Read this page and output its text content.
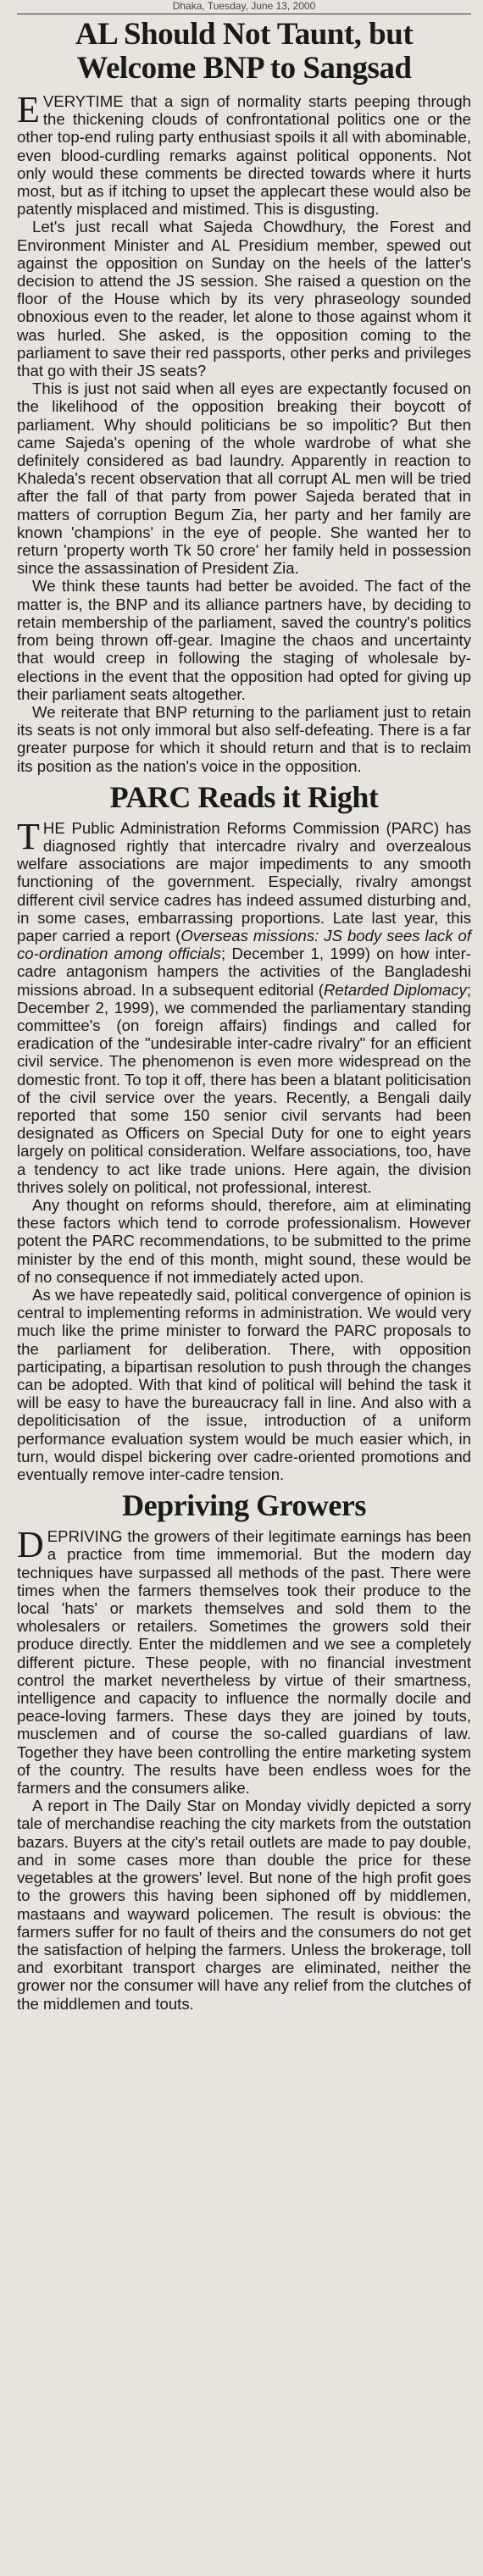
Dhaka, Tuesday, June 13, 2000
AL Should Not Taunt, but Welcome BNP to Sangsad

EVERYTIME that a sign of normality starts peeping through the thickening clouds of confrontational politics one or the other top-end ruling party enthusiast spoils it all with abominable, even blood-curdling remarks against political opponents. Not only would these comments be directed towards where it hurts most, but as if itching to upset the applecart these would also be patently misplaced and mistimed. This is disgusting.

Let's just recall what Sajeda Chowdhury, the Forest and Environment Minister and AL Presidium member, spewed out against the opposition on Sunday on the heels of the latter's decision to attend the JS session. She raised a question on the floor of the House which by its very phraseology sounded obnoxious even to the reader, let alone to those against whom it was hurled. She asked, is the opposition coming to the parliament to save their red passports, other perks and privileges that go with their JS seats?

This is just not said when all eyes are expectantly focused on the likelihood of the opposition breaking their boycott of parliament. Why should politicians be so impolitic? But then came Sajeda's opening of the whole wardrobe of what she definitely considered as bad laundry. Apparently in reaction to Khaleda's recent observation that all corrupt AL men will be tried after the fall of that party from power Sajeda berated that in matters of corruption Begum Zia, her party and her family are known 'champions' in the eye of people. She wanted her to return 'property worth Tk 50 crore' her family held in possession since the assassination of President Zia.

We think these taunts had better be avoided. The fact of the matter is, the BNP and its alliance partners have, by deciding to retain membership of the parliament, saved the country's politics from being thrown off-gear. Imagine the chaos and uncertainty that would creep in following the staging of wholesale by-elections in the event that the opposition had opted for giving up their parliament seats altogether.

We reiterate that BNP returning to the parliament just to retain its seats is not only immoral but also self-defeating. There is a far greater purpose for which it should return and that is to reclaim its position as the nation's voice in the opposition.

PARC Reads it Right

THE Public Administration Reforms Commission (PARC) has diagnosed rightly that intercadre rivalry and overzealous welfare associations are major impediments to any smooth functioning of the government. Especially, rivalry amongst different civil service cadres has indeed assumed disturbing and, in some cases, embarrassing proportions. Late last year, this paper carried a report (Overseas missions: JS body sees lack of co-ordination among officials; December 1, 1999) on how inter-cadre antagonism hampers the activities of the Bangladeshi missions abroad. In a subsequent editorial (Retarded Diplomacy; December 2, 1999), we commended the parliamentary standing committee's (on foreign affairs) findings and called for eradication of the "undesirable inter-cadre rivalry" for an efficient civil service. The phenomenon is even more widespread on the domestic front. To top it off, there has been a blatant politicisation of the civil service over the years. Recently, a Bengali daily reported that some 150 senior civil servants had been designated as Officers on Special Duty for one to eight years largely on political consideration. Welfare associations, too, have a tendency to act like trade unions. Here again, the division thrives solely on political, not professional, interest.

Any thought on reforms should, therefore, aim at eliminating these factors which tend to corrode professionalism. However potent the PARC recommendations, to be submitted to the prime minister by the end of this month, might sound, these would be of no consequence if not immediately acted upon.

As we have repeatedly said, political convergence of opinion is central to implementing reforms in administration. We would very much like the prime minister to forward the PARC proposals to the parliament for deliberation. There, with opposition participating, a bipartisan resolution to push through the changes can be adopted. With that kind of political will behind the task it will be easy to have the bureaucracy fall in line. And also with a depoliticisation of the issue, introduction of a uniform performance evaluation system would be much easier which, in turn, would dispel bickering over cadre-oriented promotions and eventually remove inter-cadre tension.

Depriving Growers

DEPRIVING the growers of their legitimate earnings has been a practice from time immemorial. But the modern day techniques have surpassed all methods of the past. There were times when the farmers themselves took their produce to the local 'hats' or markets themselves and sold them to the wholesalers or retailers. Sometimes the growers sold their produce directly. Enter the middlemen and we see a completely different picture. These people, with no financial investment control the market nevertheless by virtue of their smartness, intelligence and capacity to influence the normally docile and peace-loving farmers. These days they are joined by touts, musclemen and of course the so-called guardians of law. Together they have been controlling the entire marketing system of the country. The results have been endless woes for the farmers and the consumers alike.

A report in The Daily Star on Monday vividly depicted a sorry tale of merchandise reaching the city markets from the outstation bazars. Buyers at the city's retail outlets are made to pay double, and in some cases more than double the price for these vegetables at the growers' level. But none of the high profit goes to the growers this having been siphoned off by middlemen, mastaans and wayward policemen. The result is obvious: the farmers suffer for no fault of theirs and the consumers do not get the satisfaction of helping the farmers. Unless the brokerage, toll and exorbitant transport charges are eliminated, neither the grower nor the consumer will have any relief from the clutches of the middlemen and touts.
